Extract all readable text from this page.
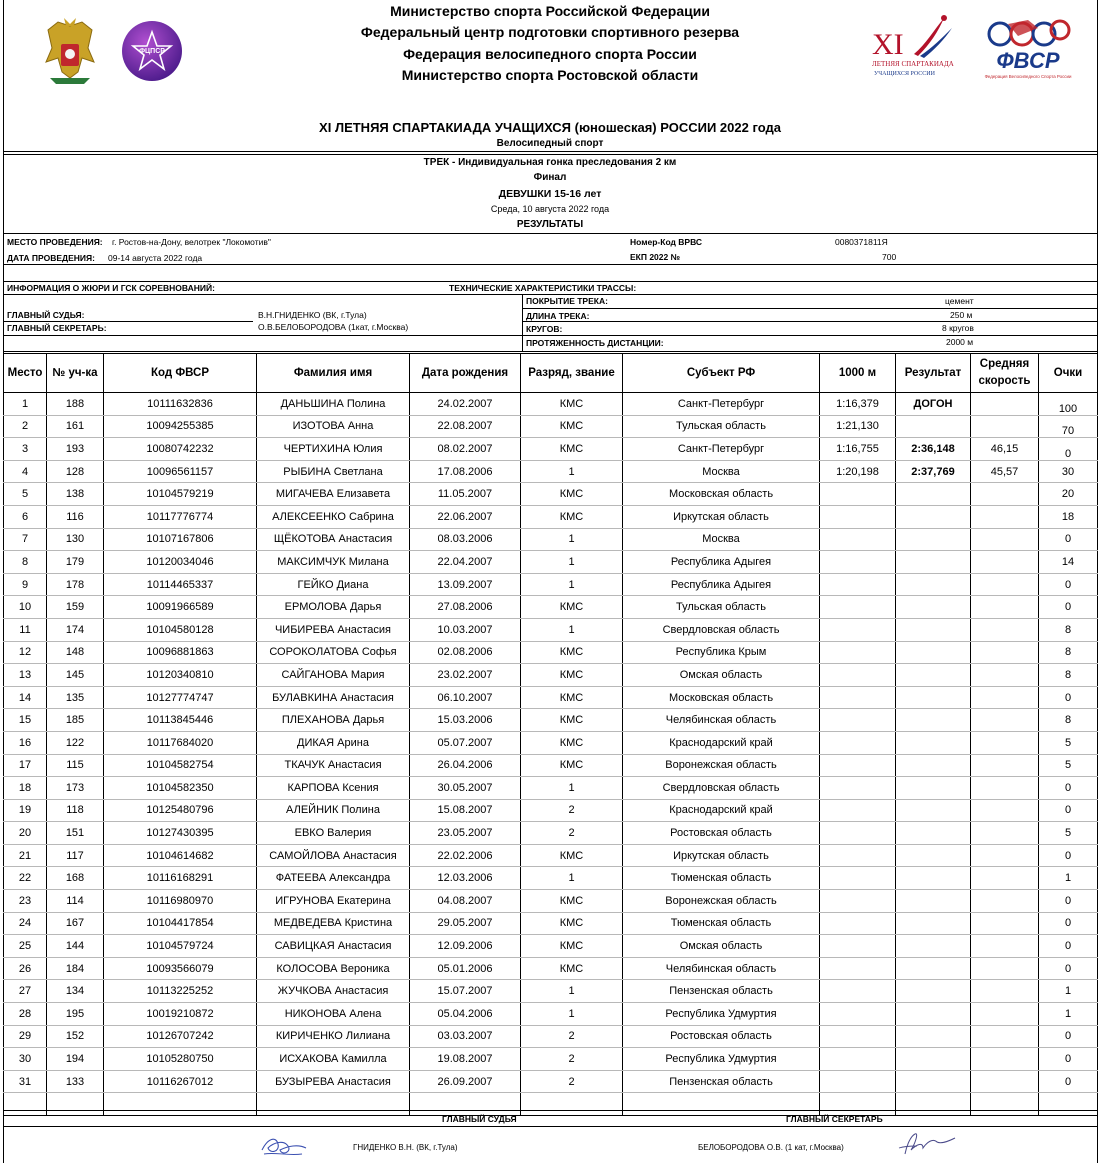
ФЦПСР
Министерство спорта Российской Федерации
Федеральный центр подготовки спортивного резерва
Федерация велосипедного спорта России
Министерство спорта Ростовской области
XI
ЛЕТНЯЯ СПАРТАКИАДА
УЧАЩИХСЯ РОССИИ
ФВСР
Федерация Велосипедного Спорта России
XI ЛЕТНЯЯ СПАРТАКИАДА УЧАЩИХСЯ (юношеская) РОССИИ 2022 года
Велосипедный спорт
ТРЕК - Индивидуальная гонка преследования 2 км
Финал
ДЕВУШКИ 15-16 лет
Среда, 10 августа 2022 года
РЕЗУЛЬТАТЫ
МЕСТО ПРОВЕДЕНИЯ: г. Ростов-на-Дону, велотрек "Локомотив"
ДАТА ПРОВЕДЕНИЯ: 09-14 августа 2022 года
Номер-Код ВРВС	0080371811Я
ЕКП 2022 №	700
ИНФОРМАЦИЯ О ЖЮРИ И ГСК СОРЕВНОВАНИЙ:	ТЕХНИЧЕСКИЕ ХАРАКТЕРИСТИКИ ТРАССЫ:
ПОКРЫТИЕ ТРЕКА:	цемент
ГЛАВНЫЙ СУДЬЯ:	В.Н.ГНИДЕНКО (ВК, г.Тула)	ДЛИНА ТРЕКА:	250 м
ГЛАВНЫЙ СЕКРЕТАРЬ:	О.В.БЕЛОБОРОДОВА (1кат, г.Москва)	КРУГОВ:	8 кругов
ПРОТЯЖЕННОСТЬ ДИСТАНЦИИ:	2000 м
Место	№ уч-ка	Код ФВСР	Фамилия имя	Дата рождения	Разряд, звание	Субъект РФ	1000 м	Результат	Средняя скорость	Очки
1	188	10111632836	ДАНЬШИНА Полина	24.02.2007	КМС	Санкт-Петербург	1:16,379	ДОГОН		100
2	161	10094255385	ИЗОТОВА Анна	22.08.2007	КМС	Тульская область	1:21,130			70
3	193	10080742232	ЧЕРТИХИНА Юлия	08.02.2007	КМС	Санкт-Петербург	1:16,755	2:36,148	46,15	0
4	128	10096561157	РЫБИНА Светлана	17.08.2006	1	Москва	1:20,198	2:37,769	45,57	30
5	138	10104579219	МИГАЧЕВА Елизавета	11.05.2007	КМС	Московская область				20
6	116	10117776774	АЛЕКСЕЕНКО Сабрина	22.06.2007	КМС	Иркутская область				18
7	130	10107167806	ЩЁКОТОВА Анастасия	08.03.2006	1	Москва				0
8	179	10120034046	МАКСИМЧУК Милана	22.04.2007	1	Республика Адыгея				14
9	178	10114465337	ГЕЙКО Диана	13.09.2007	1	Республика Адыгея				0
10	159	10091966589	ЕРМОЛОВА Дарья	27.08.2006	КМС	Тульская область				0
11	174	10104580128	ЧИБИРЕВА Анастасия	10.03.2007	1	Свердловская область				8
12	148	10096881863	СОРОКОЛАТОВА Софья	02.08.2006	КМС	Республика Крым				8
13	145	10120340810	САЙГАНОВА Мария	23.02.2007	КМС	Омская область				8
14	135	10127774747	БУЛАВКИНА Анастасия	06.10.2007	КМС	Московская область				0
15	185	10113845446	ПЛЕХАНОВА Дарья	15.03.2006	КМС	Челябинская область				8
16	122	10117684020	ДИКАЯ Арина	05.07.2007	КМС	Краснодарский край				5
17	115	10104582754	ТКАЧУК Анастасия	26.04.2006	КМС	Воронежская область				5
18	173	10104582350	КАРПОВА Ксения	30.05.2007	1	Свердловская область				0
19	118	10125480796	АЛЕЙНИК Полина	15.08.2007	2	Краснодарский край				0
20	151	10127430395	ЕВКО Валерия	23.05.2007	2	Ростовская область				5
21	117	10104614682	САМОЙЛОВА Анастасия	22.02.2006	КМС	Иркутская область				0
22	168	10116168291	ФАТЕЕВА Александра	12.03.2006	1	Тюменская область				1
23	114	10116980970	ИГРУНОВА Екатерина	04.08.2007	КМС	Воронежская область				0
24	167	10104417854	МЕДВЕДЕВА Кристина	29.05.2007	КМС	Тюменская область				0
25	144	10104579724	САВИЦКАЯ Анастасия	12.09.2006	КМС	Омская область				0
26	184	10093566079	КОЛОСОВА Вероника	05.01.2006	КМС	Челябинская область				0
27	134	10113225252	ЖУЧКОВА Анастасия	15.07.2007	1	Пензенская область				1
28	195	10019210872	НИКОНОВА Алена	05.04.2006	1	Республика Удмуртия				1
29	152	10126707242	КИРИЧЕНКО Лилиана	03.03.2007	2	Ростовская область				0
30	194	10105280750	ИСХАКОВА Камилла	19.08.2007	2	Республика Удмуртия				0
31	133	10116267012	БУЗЫРЕВА Анастасия	26.09.2007	2	Пензенская область				0

ГЛАВНЫЙ СУДЬЯ	ГЛАВНЫЙ СЕКРЕТАРЬ
ГНИДЕНКО В.Н. (ВК, г.Тула)	БЕЛОБОРОДОВА О.В. (1 кат, г.Москва)
